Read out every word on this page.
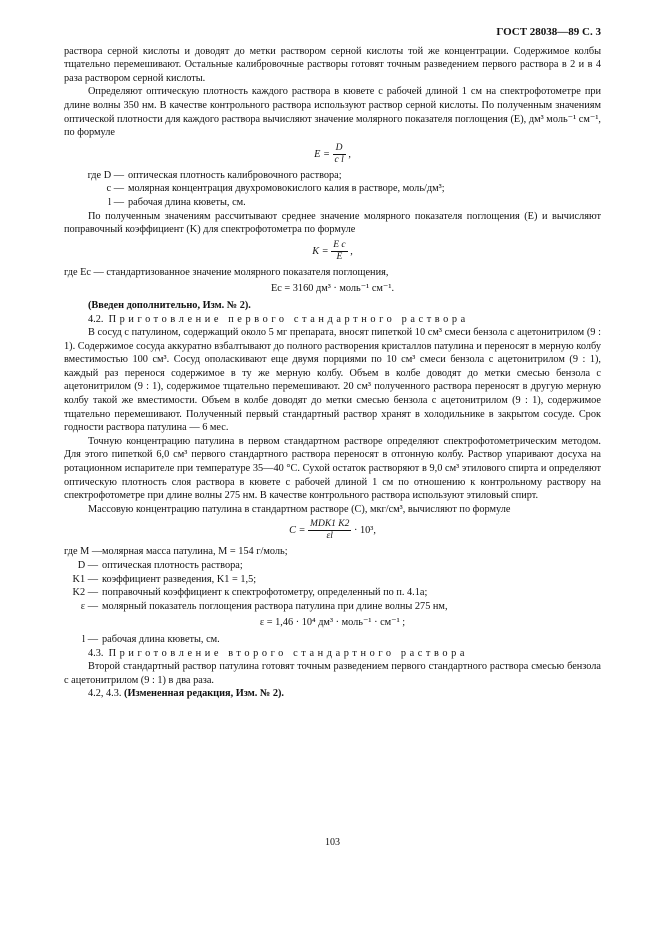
ГОСТ 28038—89 С. 3

раствора серной кислоты и доводят до метки раствором серной кислоты той же концентрации. Содержимое колбы тщательно перемешивают. Остальные калибровочные растворы готовят точным разведением первого раствора в 2 и в 4 раза раствором серной кислоты.

Определяют оптическую плотность каждого раствора в кювете с рабочей длиной 1 см на спектрофотометре при длине волны 350 нм. В качестве контрольного раствора используют раствор серной кислоты. По полученным значениям оптической плотности для каждого раствора вычисляют значение молярного показателя поглощения (E), дм³ моль⁻¹ см⁻¹, по формуле

$E = \frac{D}{\text{c l}}$ ,
где D — оптическая плотность калибровочного раствора;
c — молярная концентрация двухромовокислого калия в растворе, моль/дм³;
l — рабочая длина кюветы, см.

По полученным значениям рассчитывают среднее значение молярного показателя поглощения (E) и вычисляют поправочный коэффициент (K) для спектрофотометра по формуле

$K = \frac{\text{E c}}{E}$ ,

где Ec — стандартизованное значение молярного показателя поглощения,

Ec = 3160 дм³ · моль⁻¹ см⁻¹.

(Введен дополнительно, Изм. № 2).

4.2. Приготовление первого стандартного раствора

В сосуд с патулином, содержащий около 5 мг препарата, вносят пипеткой 10 см³ смеси бензола с ацетонитрилом (9 : 1). Содержимое сосуда аккуратно взбалтывают до полного растворения кристаллов патулина и переносят в мерную колбу вместимостью 100 см³. Сосуд ополаскивают еще двумя порциями по 10 см³ смеси бензола с ацетонитрилом (9 : 1), каждый раз перенося содержимое в ту же мерную колбу. Объем в колбе доводят до метки смесью бензола с ацетонитрилом (9 : 1), содержимое тщательно перемешивают. 20 см³ полученного раствора переносят в другую мерную колбу такой же вместимости. Объем в колбе доводят до метки смесью бензола с ацетонитрилом (9 : 1), содержимое тщательно перемешивают. Полученный первый стандартный раствор хранят в холодильнике в закрытом сосуде. Срок годности раствора патулина — 6 мес.

Точную концентрацию патулина в первом стандартном растворе определяют спектрофотометрическим методом. Для этого пипеткой 6,0 см³ первого стандартного раствора переносят в отгонную колбу. Раствор упаривают досуха на ротационном испарителе при температуре 35—40 °C. Сухой остаток растворяют в 9,0 см³ этилового спирта и определяют оптическую плотность слоя раствора в кювете с рабочей длиной 1 см по отношению к контрольному раствору на спектрофотометре при длине волны 275 нм. В качестве контрольного раствора используют этиловый спирт.

Массовую концентрацию патулина в стандартном растворе (C), мкг/см³, вычисляют по формуле

$C = \frac{\text{MDK1 K2}}{\varepsilon l} \cdot 10^3$,
где M — молярная масса патулина, M = 154 г/моль;
D — оптическая плотность раствора;
K1 — коэффициент разведения, K1 = 1,5;
K2 — поправочный коэффициент к спектрофотометру, определенный по п. 4.1а;
ε — молярный показатель поглощения раствора патулина при длине волны 275 нм,
ε = 1,46 · 10⁴ дм³ · моль⁻¹ · см⁻¹ ;
l — рабочая длина кюветы, см.

4.3. Приготовление второго стандартного раствора

Второй стандартный раствор патулина готовят точным разведением первого стандартного раствора смесью бензола с ацетонитрилом (9 : 1) в два раза.

4.2, 4.3. (Измененная редакция, Изм. № 2).

103
